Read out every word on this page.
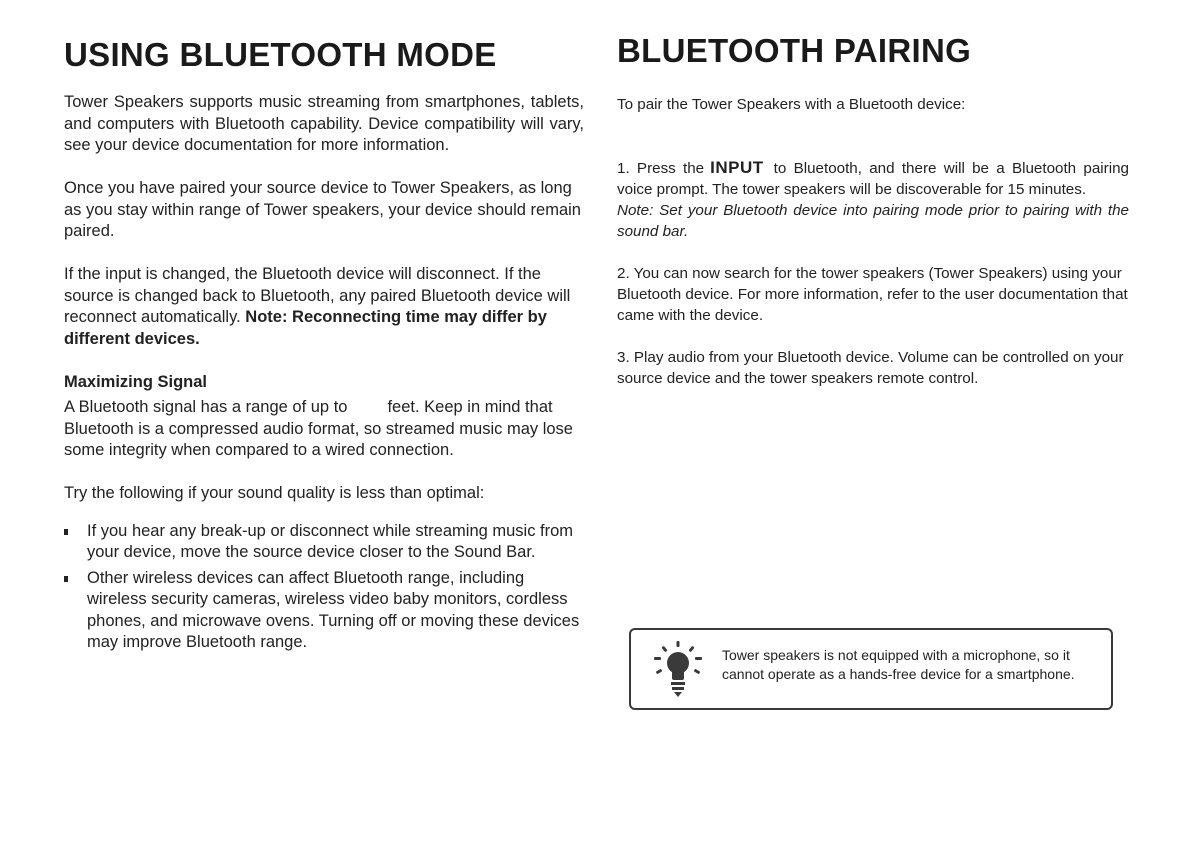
USING BLUETOOTH MODE

Tower Speakers supports music streaming from smartphones, tablets, and computers with Bluetooth capability. Device compatibility will vary, see your device documentation for more information.

Once you have paired your source device to Tower Speakers, as long as you stay within range of Tower speakers, your device should remain paired.

If the input is changed, the Bluetooth device will disconnect. If the source is changed back to Bluetooth, any paired Bluetooth device will reconnect automatically. Note: Reconnecting time may differ by different devices.

Maximizing Signal

A Bluetooth signal has a range of up to feet. Keep in mind that Bluetooth is a compressed audio format, so streamed music may lose some integrity when compared to a wired connection.

Try the following if your sound quality is less than optimal:

If you hear any break-up or disconnect while streaming music from your device, move the source device closer to the Sound Bar.
Other wireless devices can affect Bluetooth range, including wireless security cameras, wireless video baby monitors, cordless phones, and microwave ovens. Turning off or moving these devices may improve Bluetooth range.
BLUETOOTH PAIRING

To pair the Tower Speakers with a Bluetooth device:

1. Press the INPUT to Bluetooth, and there will be a Bluetooth pairing voice prompt. The tower speakers will be discoverable for 15 minutes.
Note: Set your Bluetooth device into pairing mode prior to pairing with the sound bar.

2. You can now search for the tower speakers (Tower Speakers) using your Bluetooth device. For more information, refer to the user documentation that came with the device.

3. Play audio from your Bluetooth device. Volume can be controlled on your source device and the tower speakers remote control.

Tower speakers is not equipped with a microphone, so it cannot operate as a hands-free device for a smartphone.
